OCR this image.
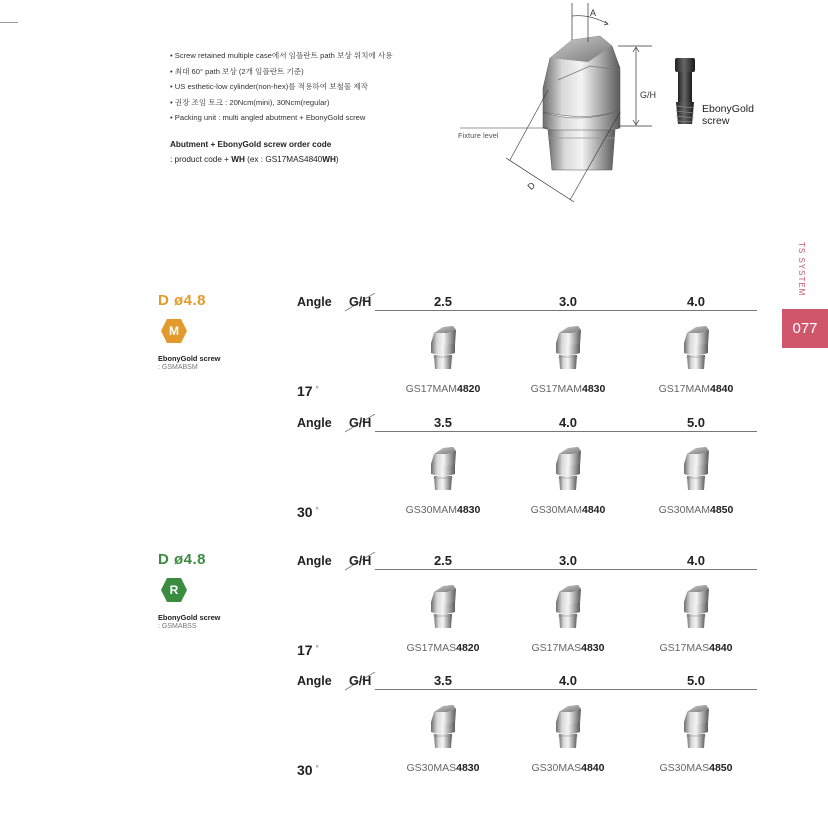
• Screw retained multiple case에서 임플란트 path 보상 위치에 사용
• 최대 60° path 보상 (2개 임플란트 기준)
• US esthetic-low cylinder(non-hex)를 적용하여 보철물 제작
• 권장 조임 토크 : 20Ncm(mini), 30Ncm(regular)
• Packing unit : multi angled abutment + EbonyGold screw
Abutment + EbonyGold screw order code
: product code + WH (ex : GS17MAS4840WH)
A
G/H
D
Fixture level
EbonyGold
screw
TS SYSTEM
077
D ø4.8
M
EbonyGold screw
: GSMABSM
D ø4.8
R
EbonyGold screw
: GSMABSS
Angle G/H	2.5	3.0	4.0
GS17MAM4820	GS17MAM4830	GS17MAM4840
17 °
Angle G/H	3.5	4.0	5.0
GS30MAM4830	GS30MAM4840	GS30MAM4850
30 °
Angle G/H	2.5	3.0	4.0
GS17MAS4820	GS17MAS4830	GS17MAS4840
17 °
Angle G/H	3.5	4.0	5.0
GS30MAS4830	GS30MAS4840	GS30MAS4850
30 °
